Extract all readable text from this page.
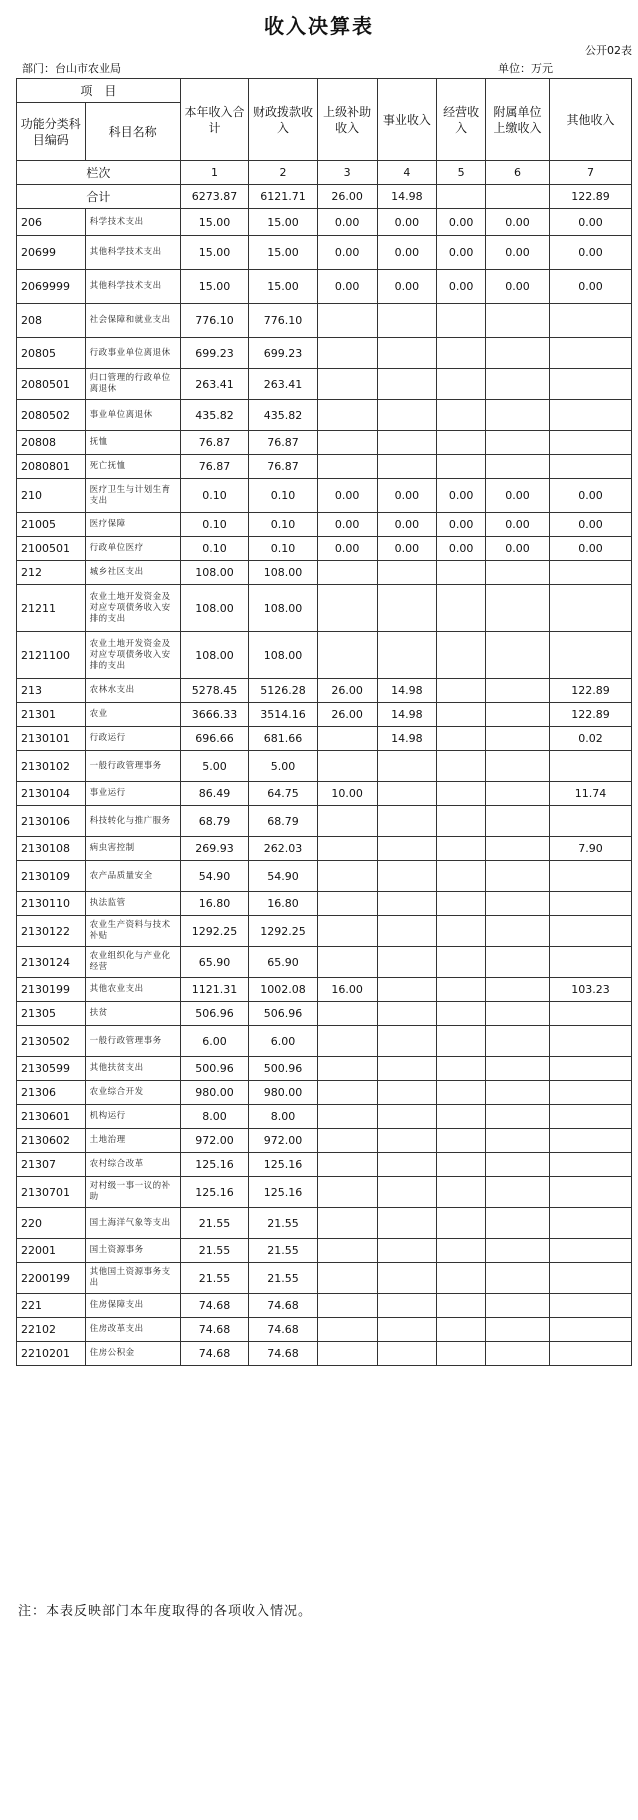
收入决算表
公开02表
部门：台山市农业局	单位：万元
项　目		本年收入合计	财政拨款收入	上级补助收入	事业收入	经营收入	附属单位上缴收入	其他收入
功能分类科目编码	科目名称							
栏次		1	2	3	4	5	6	7
合计		6273.87	6121.71	26.00	14.98			122.89
206	科学技术支出	15.00	15.00	0.00	0.00	0.00	0.00	0.00
20699	其他科学技术支出	15.00	15.00	0.00	0.00	0.00	0.00	0.00
2069999	其他科学技术支出	15.00	15.00	0.00	0.00	0.00	0.00	0.00
208	社会保障和就业支出	776.10	776.10					
20805	行政事业单位离退休	699.23	699.23					
2080501	归口管理的行政单位离退休	263.41	263.41					
2080502	事业单位离退休	435.82	435.82					
20808	抚恤	76.87	76.87					
2080801	死亡抚恤	76.87	76.87					
210	医疗卫生与计划生育支出	0.10	0.10	0.00	0.00	0.00	0.00	0.00
21005	医疗保障	0.10	0.10	0.00	0.00	0.00	0.00	0.00
2100501	行政单位医疗	0.10	0.10	0.00	0.00	0.00	0.00	0.00
212	城乡社区支出	108.00	108.00					
21211	农业土地开发资金及对应专项债务收入安排的支出	108.00	108.00					
2121100	农业土地开发资金及对应专项债务收入安排的支出	108.00	108.00					
213	农林水支出	5278.45	5126.28	26.00	14.98			122.89
21301	农业	3666.33	3514.16	26.00	14.98			122.89
2130101	行政运行	696.66	681.66		14.98			0.02
2130102	一般行政管理事务	5.00	5.00					
2130104	事业运行	86.49	64.75	10.00				11.74
2130106	科技转化与推广服务	68.79	68.79					
2130108	病虫害控制	269.93	262.03					7.90
2130109	农产品质量安全	54.90	54.90					
2130110	执法监管	16.80	16.80					
2130122	农业生产资料与技术补贴	1292.25	1292.25					
2130124	农业组织化与产业化经营	65.90	65.90					
2130199	其他农业支出	1121.31	1002.08	16.00				103.23
21305	扶贫	506.96	506.96					
2130502	一般行政管理事务	6.00	6.00					
2130599	其他扶贫支出	500.96	500.96					
21306	农业综合开发	980.00	980.00					
2130601	机构运行	8.00	8.00					
2130602	土地治理	972.00	972.00					
21307	农村综合改革	125.16	125.16					
2130701	对村级一事一议的补助	125.16	125.16					
220	国土海洋气象等支出	21.55	21.55					
22001	国土资源事务	21.55	21.55					
2200199	其他国土资源事务支出	21.55	21.55					
221	住房保障支出	74.68	74.68					
22102	住房改革支出	74.68	74.68					
2210201	住房公积金	74.68	74.68					
注：本表反映部门本年度取得的各项收入情况。
